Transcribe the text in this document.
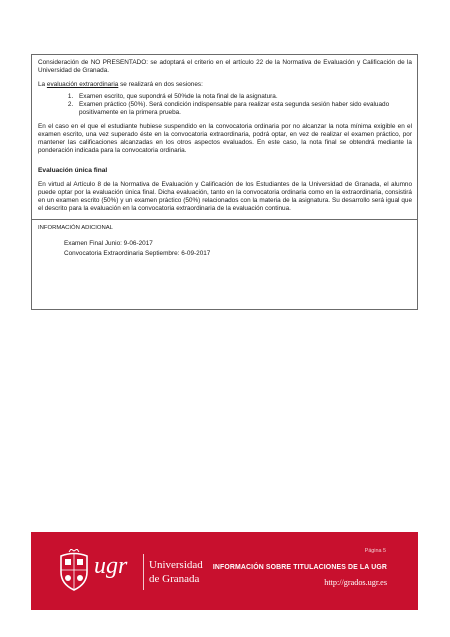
Consideración de NO PRESENTADO: se adoptará el criterio en el artículo 22 de la Normativa de Evaluación y Calificación de la Universidad de Granada.

La evaluación extraordinaria se realizará en dos sesiones:

1. Examen escrito, que supondrá el 50%de la nota final de la asignatura.
2. Examen práctico (50%). Será condición indispensable para realizar esta segunda sesión haber sido evaluado positivamente en la primera prueba.

En el caso en el que el estudiante hubiese suspendido en la convocatoria ordinaria por no alcanzar la nota mínima exigible en el examen escrito, una vez superado éste en la convocatoria extraordinaria, podrá optar, en vez de realizar el examen práctico, por mantener las calificaciones alcanzadas en los otros aspectos evaluados. En este caso, la nota final se obtendrá mediante la ponderación indicada para la convocatoria ordinaria.

Evaluación única final

En virtud al Artículo 8 de la Normativa de Evaluación y Calificación de los Estudiantes de la Universidad de Granada, el alumno puede optar por la evaluación única final. Dicha evaluación, tanto en la convocatoria ordinaria como en la extraordinaria, consistirá en un examen escrito (50%) y un examen práctico (50%) relacionados con la materia de la asignatura. Su desarrollo será igual que el descrito para la evaluación en la convocatoria extraordinaria de la evaluación continua.

INFORMACIÓN ADICIONAL
Examen Final Junio: 9-06-2017
Convocatoria Extraordinaria Septiembre: 6-09-2017
Página 5
ugr Universidad
de Granada
INFORMACIÓN SOBRE TITULACIONES DE LA UGR
http://grados.ugr.es
